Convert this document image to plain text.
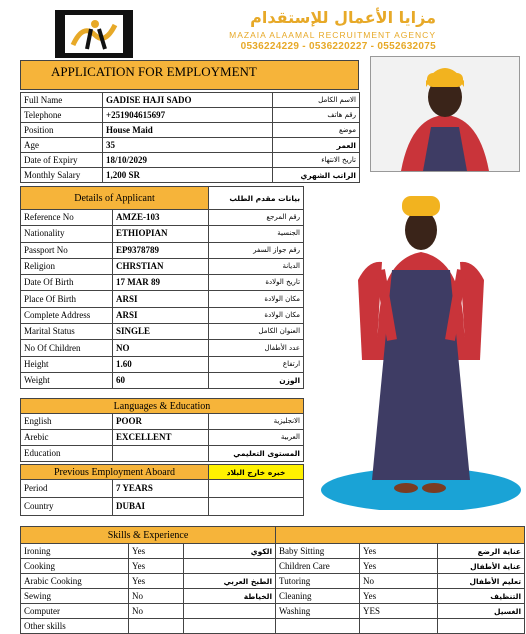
مزايا الأعمال للإستقدام
MAZAIA ALAAMAL RECRUITMENT AGENCY
0536224229 - 0536220227 - 0552632075
APPLICATION FOR EMPLOYMENT
Full Name	GADISE HAJI SADO	الاسم الكامل
Telephone	+251904615697	رقم هاتف
Position	House Maid	موضع
Age	35	العمر
Date of Expiry	18/10/2029	تاريخ الانتهاء
Monthly Salary	1,200 SR	الراتب الشهري
Details of Applicant		بيانات مقدم الطلب
Reference No	AMZE-103	رقم المرجع
Nationality	ETHIOPIAN	الجنسية
Passport No	EP9378789	رقم جواز السفر
Religion	CHRSTIAN	الديانة
Date Of Birth	17 MAR 89	تاريخ الولادة
Place Of Birth	ARSI	مكان الولادة
Complete Address	ARSI	مكان الولادة
Marital Status	SINGLE	العنوان الكامل
No Of Children	NO	عدد الأطفال
Height	1.60	ارتفاع
Weight	60	الوزن
Languages & Education		
English	POOR	الانجليزية
Arebic	EXCELLENT	العربية
Education		المستوى التعليمي
Previous Employment Aboard		خبره خارج البلاد
Period	7 YEARS	
Country	DUBAI	
Skills & Experience					
Ironing	Yes	الكوي	Baby Sitting	Yes	عناية الرضع
Cooking	Yes		Children Care	Yes	عناية الأطفال
Arabic Cooking	Yes	الطبخ العربي	Tutoring	No	تعليم الأطفال
Sewing	No	الخياطة	Cleaning	Yes	التنظيف
Computer	No		Washing	YES	الغسيل
Other skills					
